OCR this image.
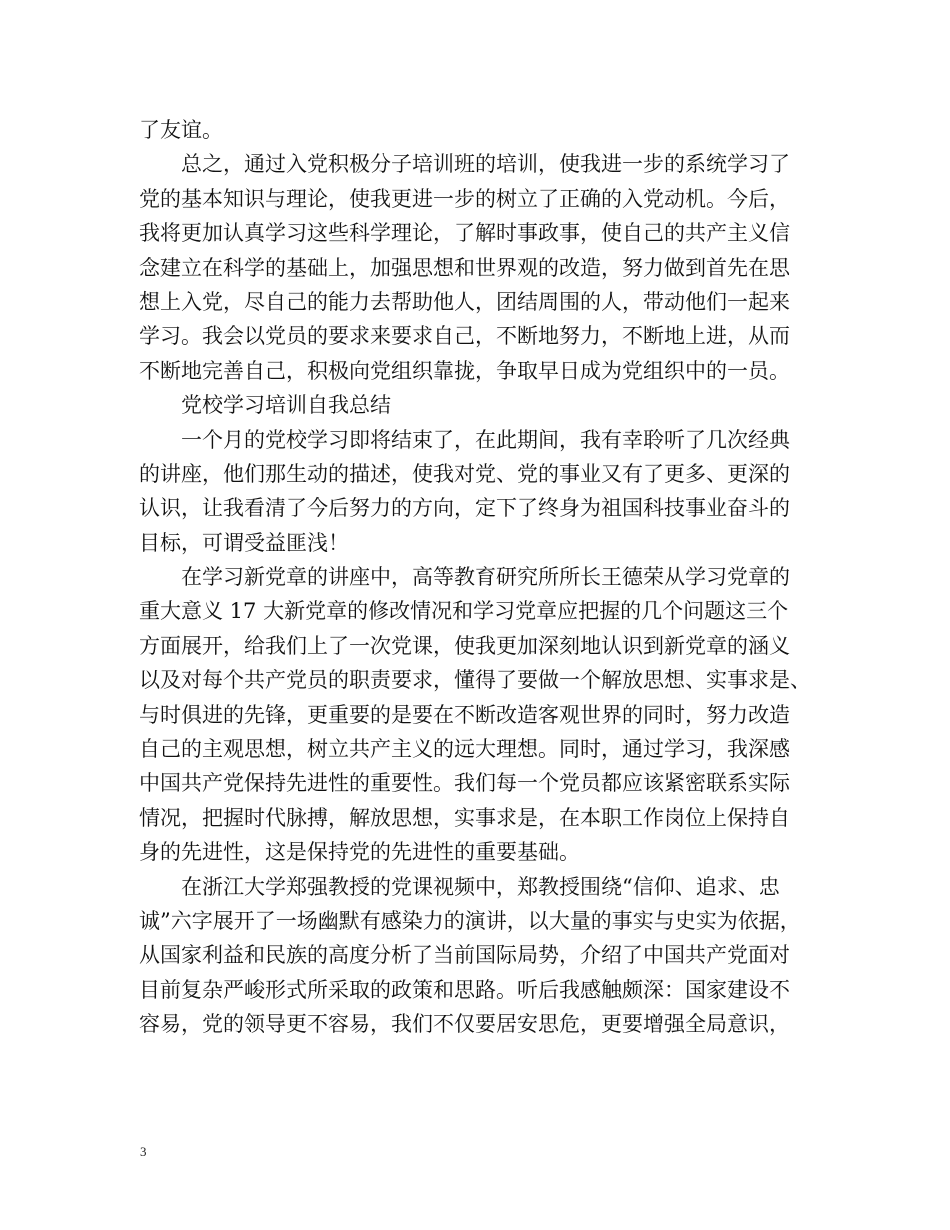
了友谊。
总之，通过入党积极分子培训班的培训，使我进一步的系统学习了
党的基本知识与理论，使我更进一步的树立了正确的入党动机。今后，
我将更加认真学习这些科学理论，了解时事政事，使自己的共产主义信
念建立在科学的基础上，加强思想和世界观的改造，努力做到首先在思
想上入党，尽自己的能力去帮助他人，团结周围的人，带动他们一起来
学习。我会以党员的要求来要求自己，不断地努力，不断地上进，从而
不断地完善自己，积极向党组织靠拢，争取早日成为党组织中的一员。
党校学习培训自我总结
一个月的党校学习即将结束了，在此期间，我有幸聆听了几次经典
的讲座，他们那生动的描述，使我对党、党的事业又有了更多、更深的
认识，让我看清了今后努力的方向，定下了终身为祖国科技事业奋斗的
目标，可谓受益匪浅！
在学习新党章的讲座中，高等教育研究所所长王德荣从学习党章的
重大意义 17 大新党章的修改情况和学习党章应把握的几个问题这三个
方面展开，给我们上了一次党课，使我更加深刻地认识到新党章的涵义
以及对每个共产党员的职责要求，懂得了要做一个解放思想、实事求是、
与时俱进的先锋，更重要的是要在不断改造客观世界的同时，努力改造
自己的主观思想，树立共产主义的远大理想。同时，通过学习，我深感
中国共产党保持先进性的重要性。我们每一个党员都应该紧密联系实际
情况，把握时代脉搏，解放思想，实事求是，在本职工作岗位上保持自
身的先进性，这是保持党的先进性的重要基础。
在浙江大学郑强教授的党课视频中，郑教授围绕“信仰、追求、忠
诚”六字展开了一场幽默有感染力的演讲，以大量的事实与史实为依据，
从国家利益和民族的高度分析了当前国际局势，介绍了中国共产党面对
目前复杂严峻形式所采取的政策和思路。听后我感触颇深：国家建设不
容易，党的领导更不容易，我们不仅要居安思危，更要增强全局意识，
3
